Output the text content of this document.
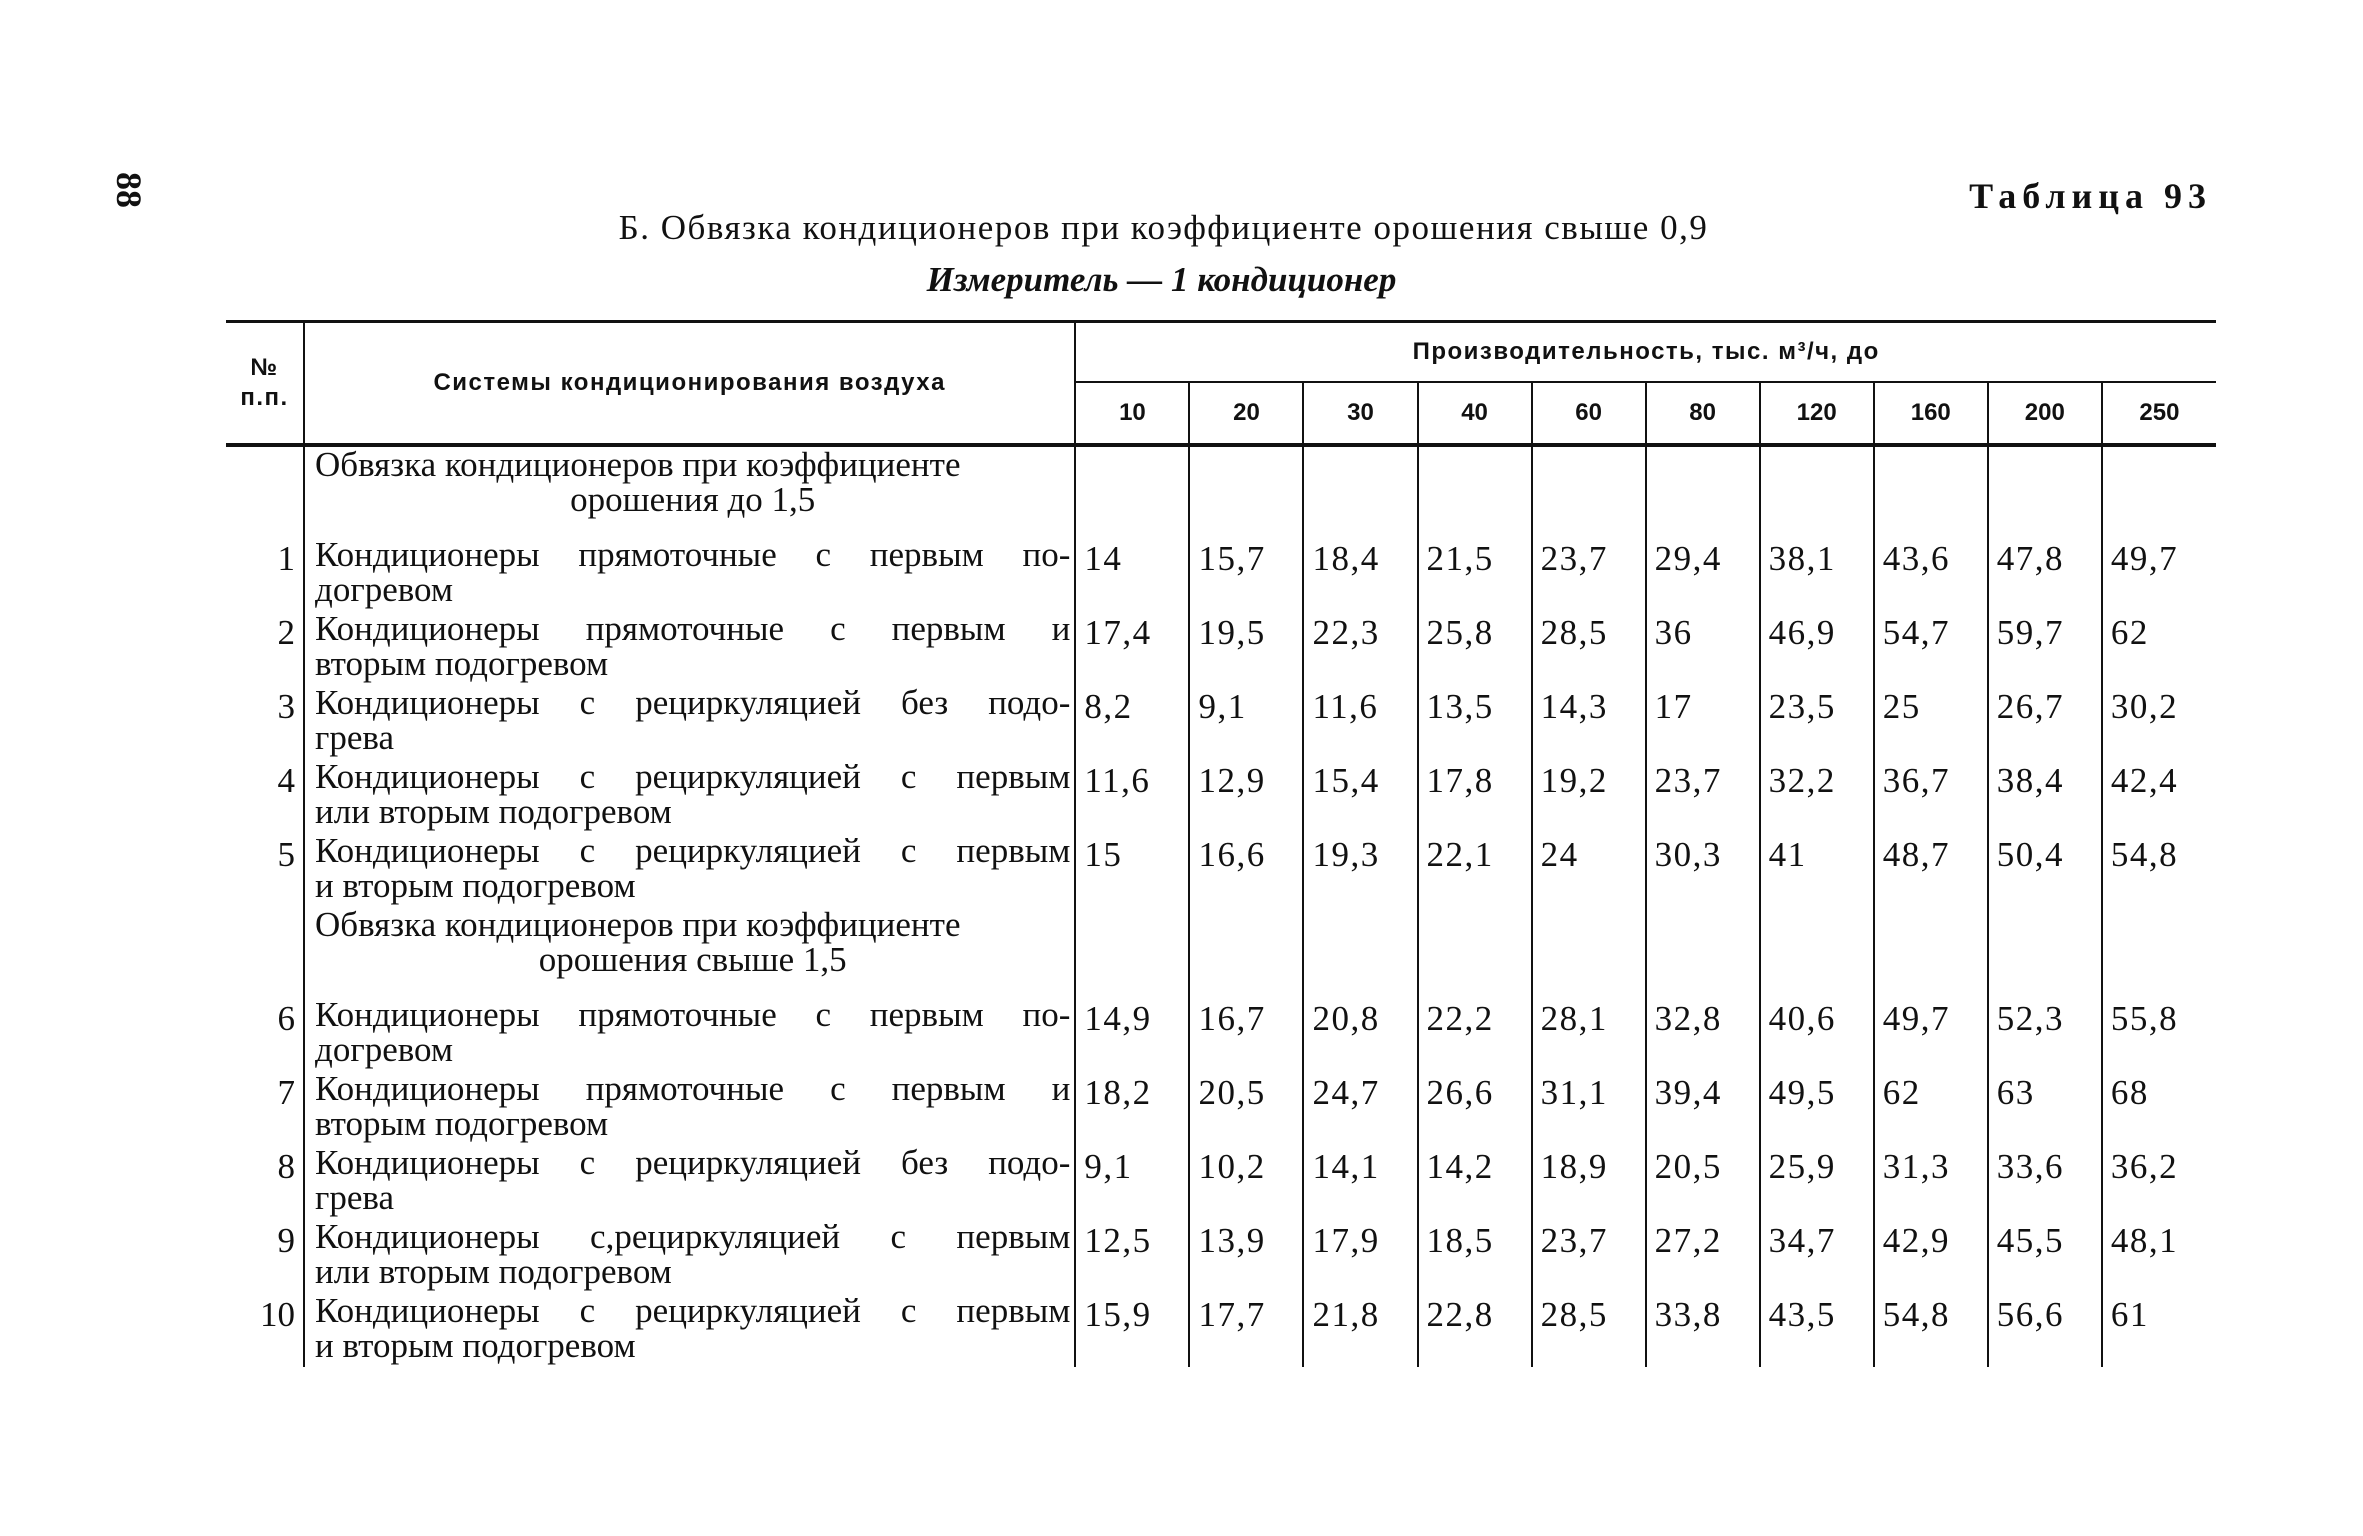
88	Таблица 93
Б. Обвязка кондиционеров при коэффициенте орошения свыше 0,9
Измеритель — 1 кондиционер
№ п.п.	Системы кондиционирования воздуха	Производительность, тыс. м³/ч, до									
		10	20	30	40	60	80	120	160	200	250

	Обвязка кондиционеров при коэффициенте
орошения до 1,5										
1	Кондиционеры прямоточные с первым по-
догревом	14	15,7	18,4	21,5	23,7	29,4	38,1	43,6	47,8	49,7
2	Кондиционеры прямоточные с первым и
вторым подогревом	17,4	19,5	22,3	25,8	28,5	36	46,9	54,7	59,7	62
3	Кондиционеры с рециркуляцией без подо-
грева	8,2	9,1	11,6	13,5	14,3	17	23,5	25	26,7	30,2
4	Кондиционеры с рециркуляцией с первым
или вторым подогревом	11,6	12,9	15,4	17,8	19,2	23,7	32,2	36,7	38,4	42,4
5	Кондиционеры с рециркуляцией с первым
и вторым подогревом	15	16,6	19,3	22,1	24	30,3	41	48,7	50,4	54,8

	Обвязка кондиционеров при коэффициенте
орошения свыше 1,5										
6	Кондиционеры прямоточные с первым по-
догревом	14,9	16,7	20,8	22,2	28,1	32,8	40,6	49,7	52,3	55,8
7	Кондиционеры прямоточные с первым и
вторым подогревом	18,2	20,5	24,7	26,6	31,1	39,4	49,5	62	63	68
8	Кондиционеры с рециркуляцией без подо-
грева	9,1	10,2	14,1	14,2	18,9	20,5	25,9	31,3	33,6	36,2
9	Кондиционеры с,рециркуляцией с первым
или вторым подогревом	12,5	13,9	17,9	18,5	23,7	27,2	34,7	42,9	45,5	48,1
10	Кондиционеры с рециркуляцией с первым
и вторым подогревом	15,9	17,7	21,8	22,8	28,5	33,8	43,5	54,8	56,6	61
